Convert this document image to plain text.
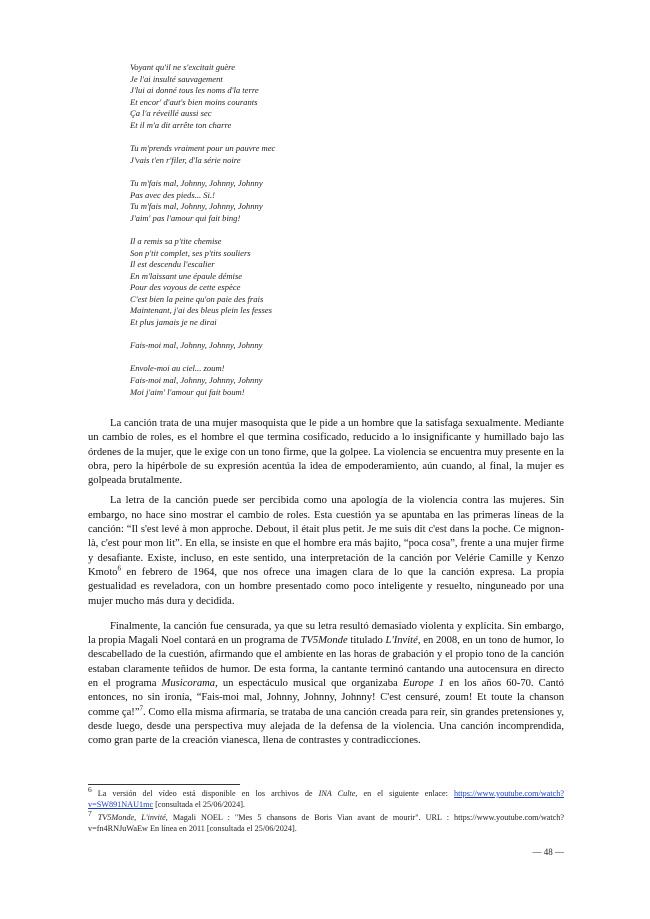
Voyant qu'il ne s'excitait guère
Je l'ai insulté sauvagement
J'lui ai donné tous les noms d'la terre
Et encor' d'aut's bien moins courants
Ça l'a réveillé aussi sec
Et il m'a dit arrête ton charre
Tu m'prends vraiment pour un pauvre mec
J'vais t'en r'filer, d'la série noire
Tu m'fais mal, Johnny, Johnny, Johnny
Pas avec des pieds... Si.!
Tu m'fais mal, Johnny, Johnny, Johnny
J'aim' pas l'amour qui fait bing!
Il a remis sa p'tite chemise
Son p'tit complet, ses p'tits souliers
Il est descendu l'escalier
En m'laissant une épaule démise
Pour des voyous de cette espèce
C'est bien la peine qu'on paie des frais
Maintenant, j'ai des bleus plein les fesses
Et plus jamais je ne dirai
Fais-moi mal, Johnny, Johnny, Johnny
Envole-moi au ciel... zoum!
Fais-moi mal, Johnny, Johnny, Johnny
Moi j'aim' l'amour qui fait boum!

La canción trata de una mujer masoquista que le pide a un hombre que la satisfaga sexualmente. Mediante un cambio de roles, es el hombre el que termina cosificado, reducido a lo insignificante y humillado bajo las órdenes de la mujer, que le exige con un tono firme, que la golpee. La violencia se encuentra muy presente en la obra, pero la hipérbole de su expresión acentúa la idea de empoderamiento, aún cuando, al final, la mujer es golpeada brutalmente.

La letra de la canción puede ser percibida como una apología de la violencia contra las mujeres. Sin embargo, no hace sino mostrar el cambio de roles. Esta cuestión ya se apuntaba en las primeras líneas de la canción: “Il s'est levé à mon approche. Debout, il était plus petit. Je me suis dit c'est dans la poche. Ce mignon-là, c'est pour mon lit”. En ella, se insiste en que el hombre era más bajito, “poca cosa”, frente a una mujer firme y desafiante. Existe, incluso, en este sentido, una interpretación de la canción por Velérie Camille y Kenzo Kmoto$^6$ en febrero de 1964, que nos ofrece una imagen clara de lo que la canción expresa. La propia gestualidad es reveladora, con un hombre presentado como poco inteligente y resuelto, ninguneado por una mujer mucho más dura y decidida.

Finalmente, la canción fue censurada, ya que su letra resultó demasiado violenta y explícita. Sin embargo, la propia Magali Noel contará en un programa de TV5Monde titulado L'Invité, en 2008, en un tono de humor, lo descabellado de la cuestión, afirmando que el ambiente en las horas de grabación y el propio tono de la canción estaban claramente teñidos de humor. De esta forma, la cantante terminó cantando una autocensura en directo en el programa Musicorama, un espectáculo musical que organizaba Europe 1 en los años 60-70. Cantó entonces, no sin ironía, “Fais-moi mal, Johnny, Johnny, Johnny! C'est censuré, zoum! Et toute la chanson comme ça!”$^7$. Como ella misma afirmaría, se trataba de una canción creada para reír, sin grandes pretensiones y, desde luego, desde una perspectiva muy alejada de la defensa de la violencia. Una canción incomprendida, como gran parte de la creación vianesca, llena de contrastes y contradicciones.

6 La versión del vídeo está disponible en los archivos de INA Culte, en el siguiente enlace: https://www.youtube.com/watch?v=SW891NAU1mc [consultada el 25/06/2024].

7 TV5Monde, L'invité, Magali NOEL : "Mes 5 chansons de Boris Vian avant de mourir". URL : https://www.youtube.com/watch?v=fn4RNJuWaEw En línea en 2011 [consultada el 25/06/2024].

— 48 —
